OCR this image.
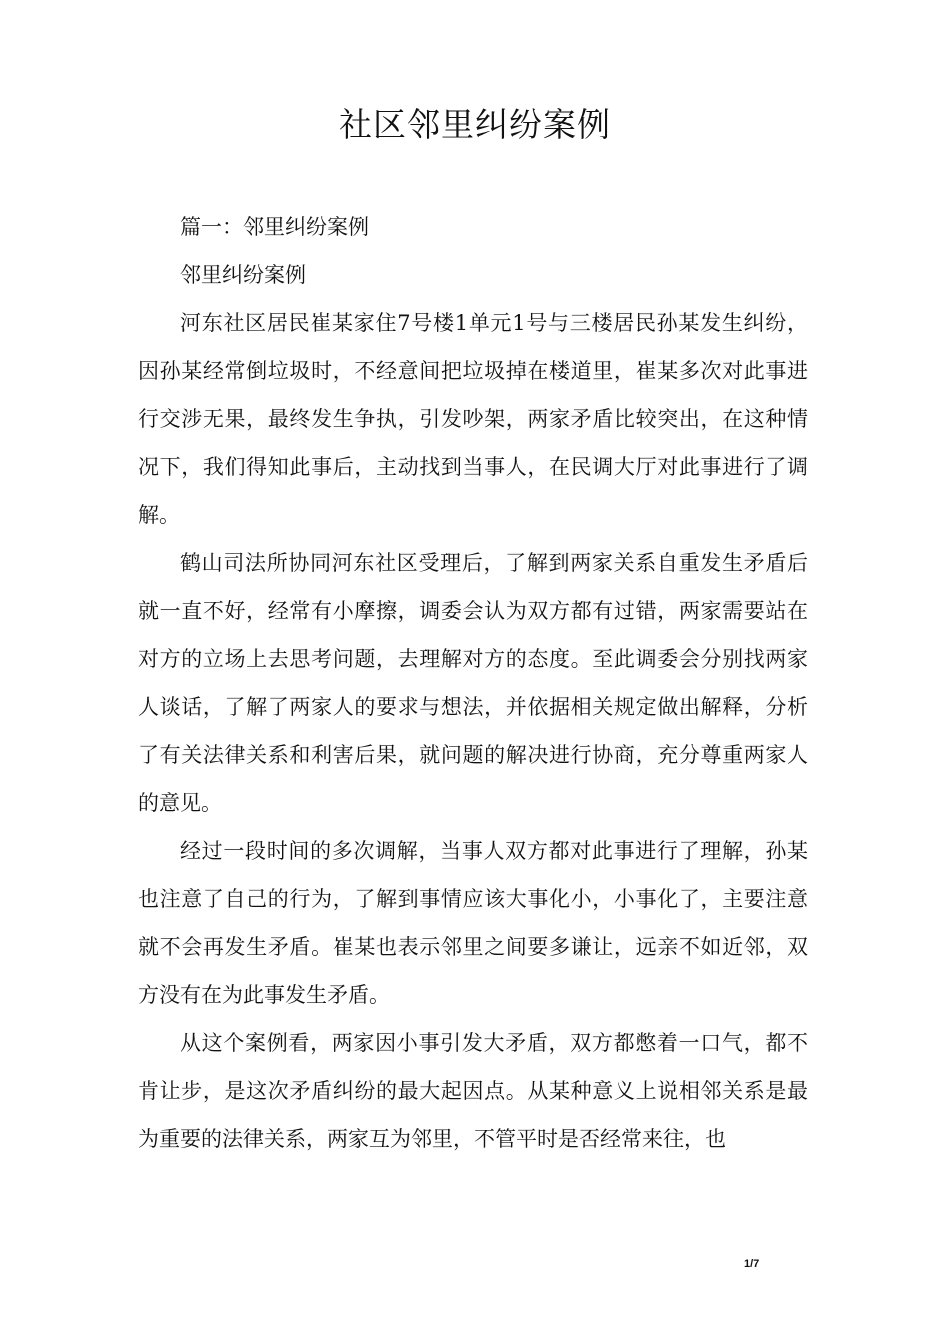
社区邻里纠纷案例

篇一：邻里纠纷案例

邻里纠纷案例

河东社区居民崔某家住7号楼1单元1号与三楼居民孙某发生纠纷，因孙某经常倒垃圾时，不经意间把垃圾掉在楼道里，崔某多次对此事进行交涉无果，最终发生争执，引发吵架，两家矛盾比较突出，在这种情况下，我们得知此事后，主动找到当事人，在民调大厅对此事进行了调解。

鹤山司法所协同河东社区受理后，了解到两家关系自重发生矛盾后就一直不好，经常有小摩擦，调委会认为双方都有过错，两家需要站在对方的立场上去思考问题，去理解对方的态度。至此调委会分别找两家人谈话，了解了两家人的要求与想法，并依据相关规定做出解释，分析了有关法律关系和利害后果，就问题的解决进行协商，充分尊重两家人的意见。

经过一段时间的多次调解，当事人双方都对此事进行了理解，孙某也注意了自己的行为，了解到事情应该大事化小，小事化了，主要注意就不会再发生矛盾。崔某也表示邻里之间要多谦让，远亲不如近邻，双方没有在为此事发生矛盾。

从这个案例看，两家因小事引发大矛盾，双方都憋着一口气，都不肯让步，是这次矛盾纠纷的最大起因点。从某种意义上说相邻关系是最为重要的法律关系，两家互为邻里，不管平时是否经常来往，也

1/7
